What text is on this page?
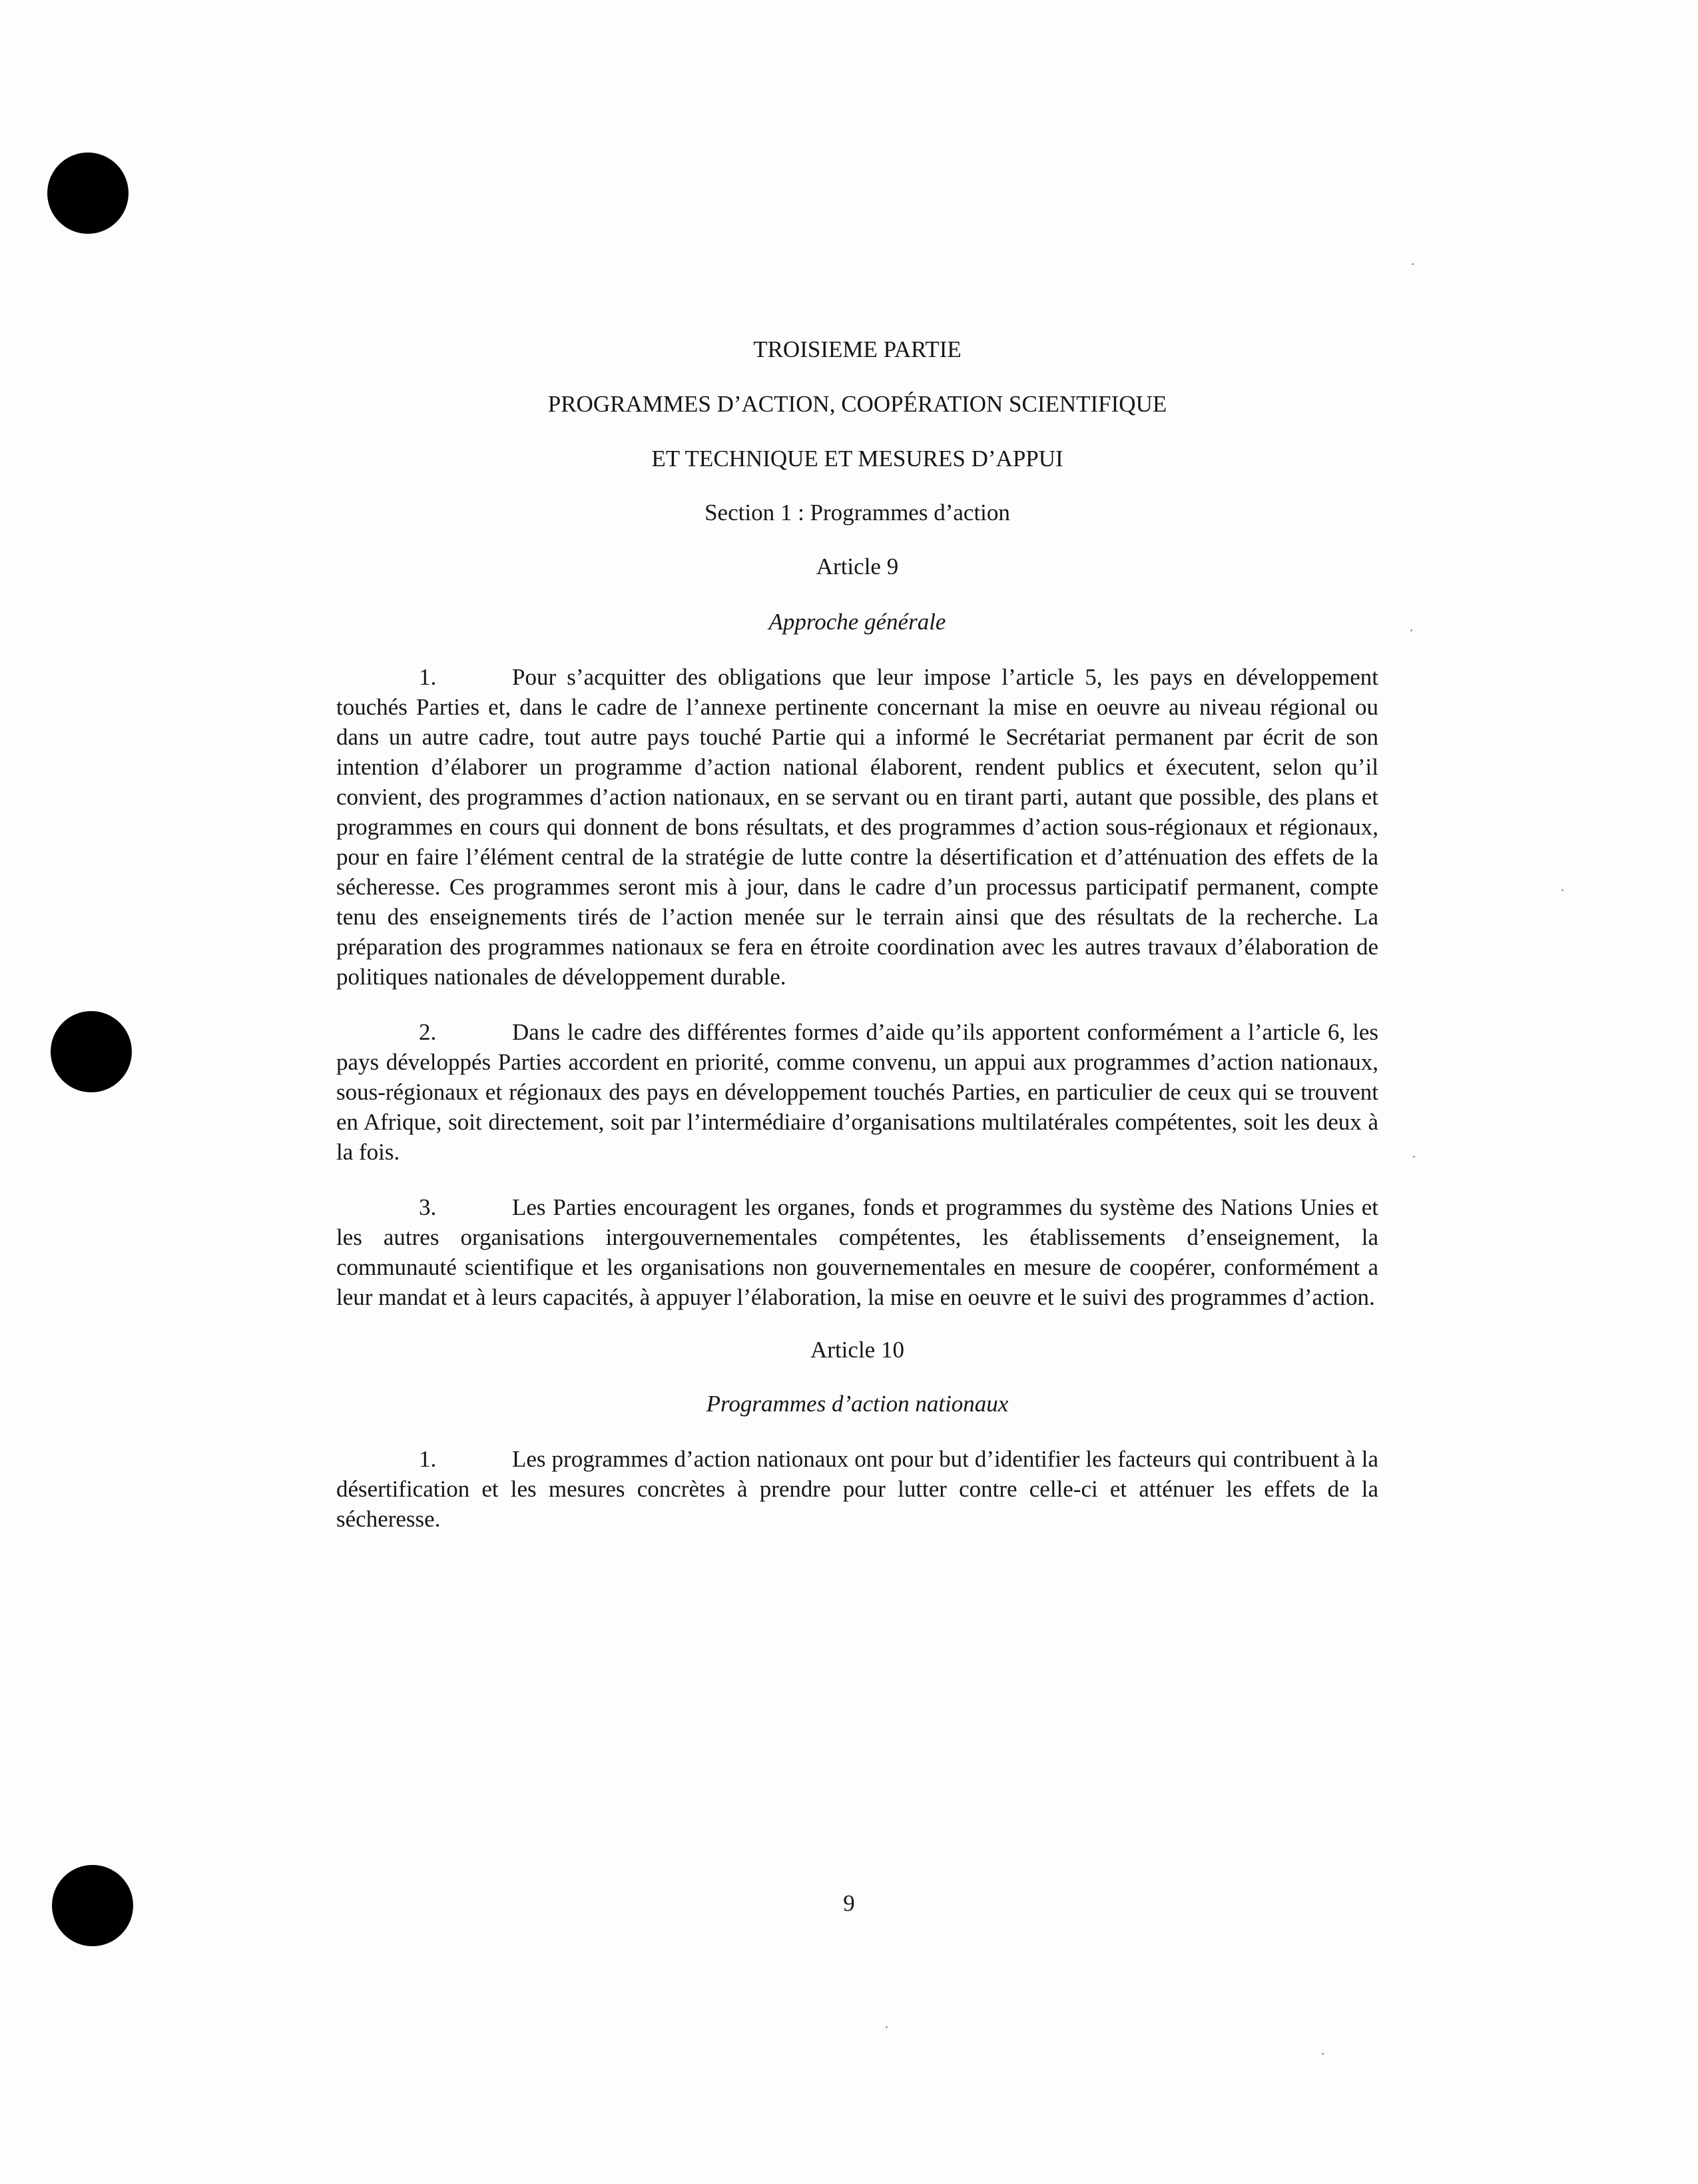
TROISIEME PARTIE

PROGRAMMES D’ACTION, COOPÉRATION SCIENTIFIQUE

ET TECHNIQUE ET MESURES D’APPUI

Section 1 : Programmes d’action

Article 9

Approche générale

1.	Pour s’acquitter des obligations que leur impose l’article 5, les pays en développement touchés Parties et, dans le cadre de l’annexe pertinente concernant la mise en oeuvre au niveau régional ou dans un autre cadre, tout autre pays touché Partie qui a informé le Secrétariat permanent par écrit de son intention d’élaborer un programme d’action national élaborent, rendent publics et éxecutent, selon qu’il convient, des programmes d’action nationaux, en se servant ou en tirant parti, autant que possible, des plans et programmes en cours qui donnent de bons résultats, et des programmes d’action sous-régionaux et régionaux, pour en faire l’élément central de la stratégie de lutte contre la désertification et d’atténuation des effets de la sécheresse. Ces programmes seront mis à jour, dans le cadre d’un processus participatif permanent, compte tenu des enseignements tirés de l’action menée sur le terrain ainsi que des résultats de la recherche. La préparation des programmes nationaux se fera en étroite coordination avec les autres travaux d’élaboration de politiques nationales de développement durable.

2.	Dans le cadre des différentes formes d’aide qu’ils apportent conformément a l’article 6, les pays développés Parties accordent en priorité, comme convenu, un appui aux programmes d’action nationaux, sous-régionaux et régionaux des pays en développement touchés Parties, en particulier de ceux qui se trouvent en Afrique, soit directement, soit par l’intermédiaire d’organisations multilatérales compétentes, soit les deux à la fois.

3.	Les Parties encouragent les organes, fonds et programmes du système des Nations Unies et les autres organisations intergouvernementales compétentes, les établissements d’enseignement, la communauté scientifique et les organisations non gouvernementales en mesure de coopérer, conformément a leur mandat et à leurs capacités, à appuyer l’élaboration, la mise en oeuvre et le suivi des programmes d’action.

Article 10

Programmes d’action nationaux

1.	Les programmes d’action nationaux ont pour but d’identifier les facteurs qui contribuent à la désertification et les mesures concrètes à prendre pour lutter contre celle-ci et atténuer les effets de la sécheresse.

9
